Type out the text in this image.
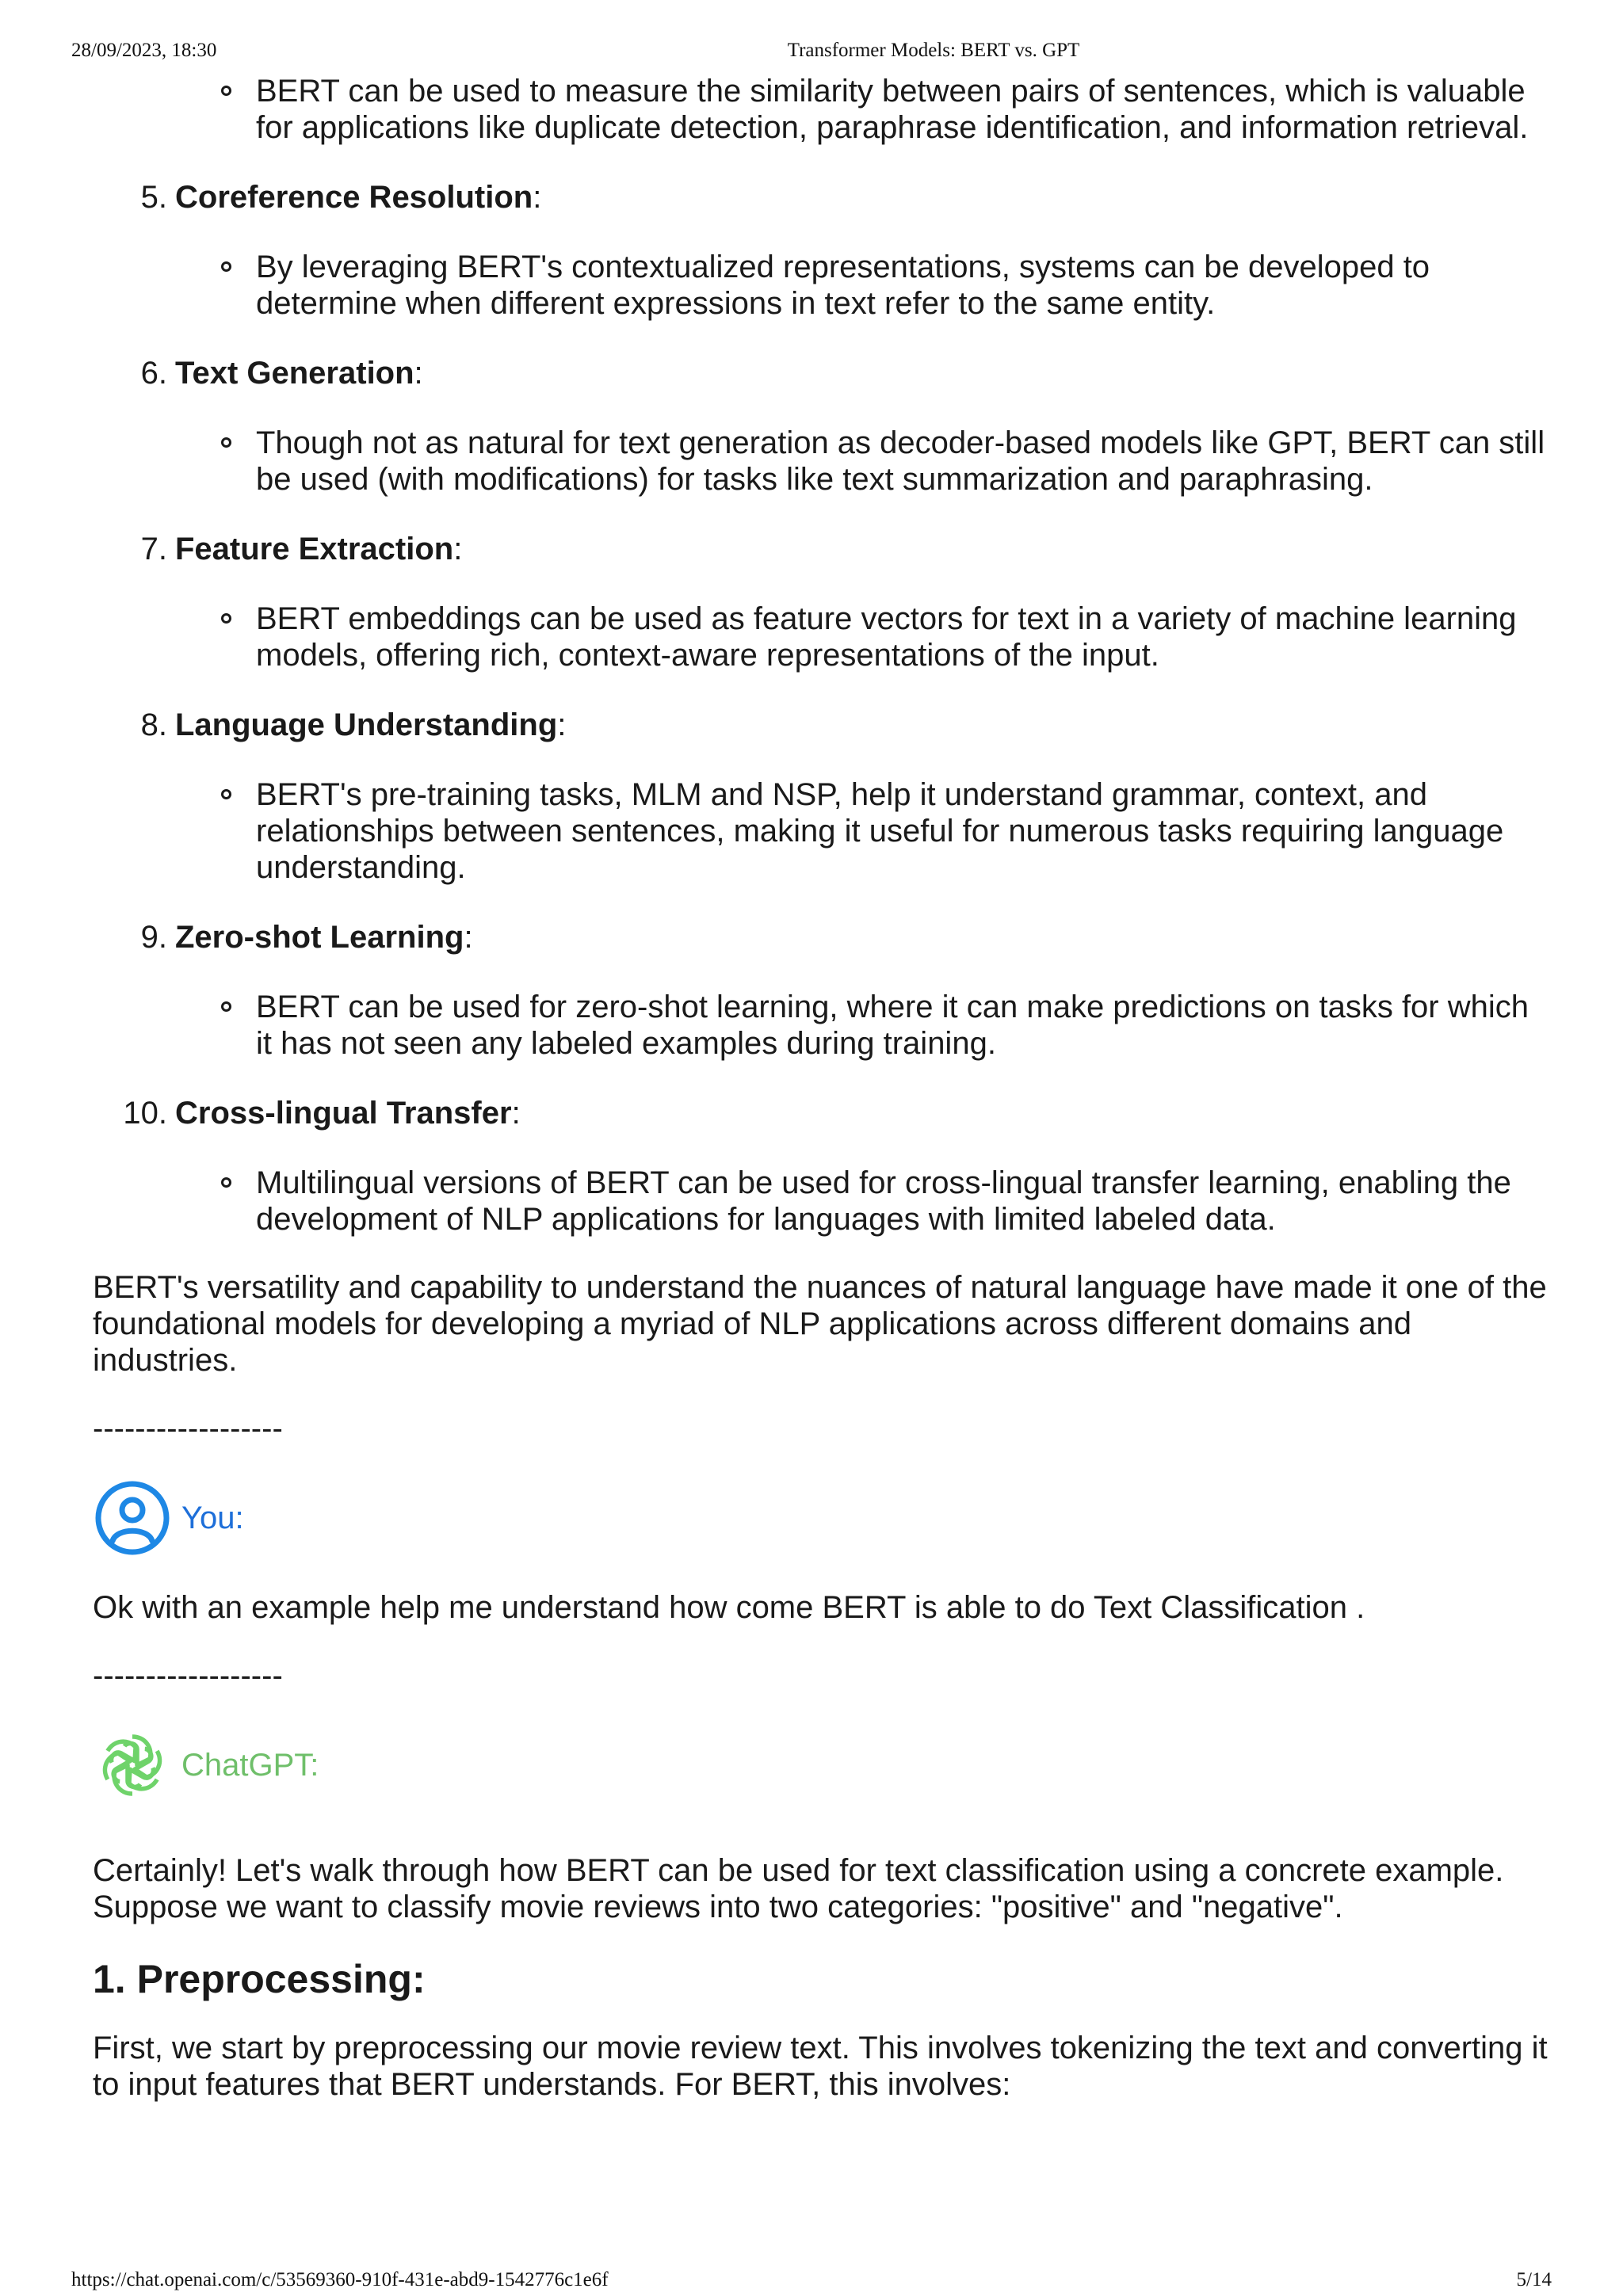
28/09/2023, 18:30	Transformer Models: BERT vs. GPT
BERT can be used to measure the similarity between pairs of sentences, which is valuable for applications like duplicate detection, paraphrase identification, and information retrieval.
5. Coreference Resolution:
By leveraging BERT's contextualized representations, systems can be developed to determine when different expressions in text refer to the same entity.
6. Text Generation:
Though not as natural for text generation as decoder-based models like GPT, BERT can still be used (with modifications) for tasks like text summarization and paraphrasing.
7. Feature Extraction:
BERT embeddings can be used as feature vectors for text in a variety of machine learning models, offering rich, context-aware representations of the input.
8. Language Understanding:
BERT's pre-training tasks, MLM and NSP, help it understand grammar, context, and relationships between sentences, making it useful for numerous tasks requiring language understanding.
9. Zero-shot Learning:
BERT can be used for zero-shot learning, where it can make predictions on tasks for which it has not seen any labeled examples during training.
10. Cross-lingual Transfer:
Multilingual versions of BERT can be used for cross-lingual transfer learning, enabling the development of NLP applications for languages with limited labeled data.
BERT's versatility and capability to understand the nuances of natural language have made it one of the foundational models for developing a myriad of NLP applications across different domains and industries.
------------------
You:
Ok with an example help me understand how come BERT is able to do Text Classification .
------------------
ChatGPT:
Certainly! Let's walk through how BERT can be used for text classification using a concrete example. Suppose we want to classify movie reviews into two categories: "positive" and "negative".
1. Preprocessing:
First, we start by preprocessing our movie review text. This involves tokenizing the text and converting it to input features that BERT understands. For BERT, this involves:
https://chat.openai.com/c/53569360-910f-431e-abd9-1542776c1e6f	5/14
